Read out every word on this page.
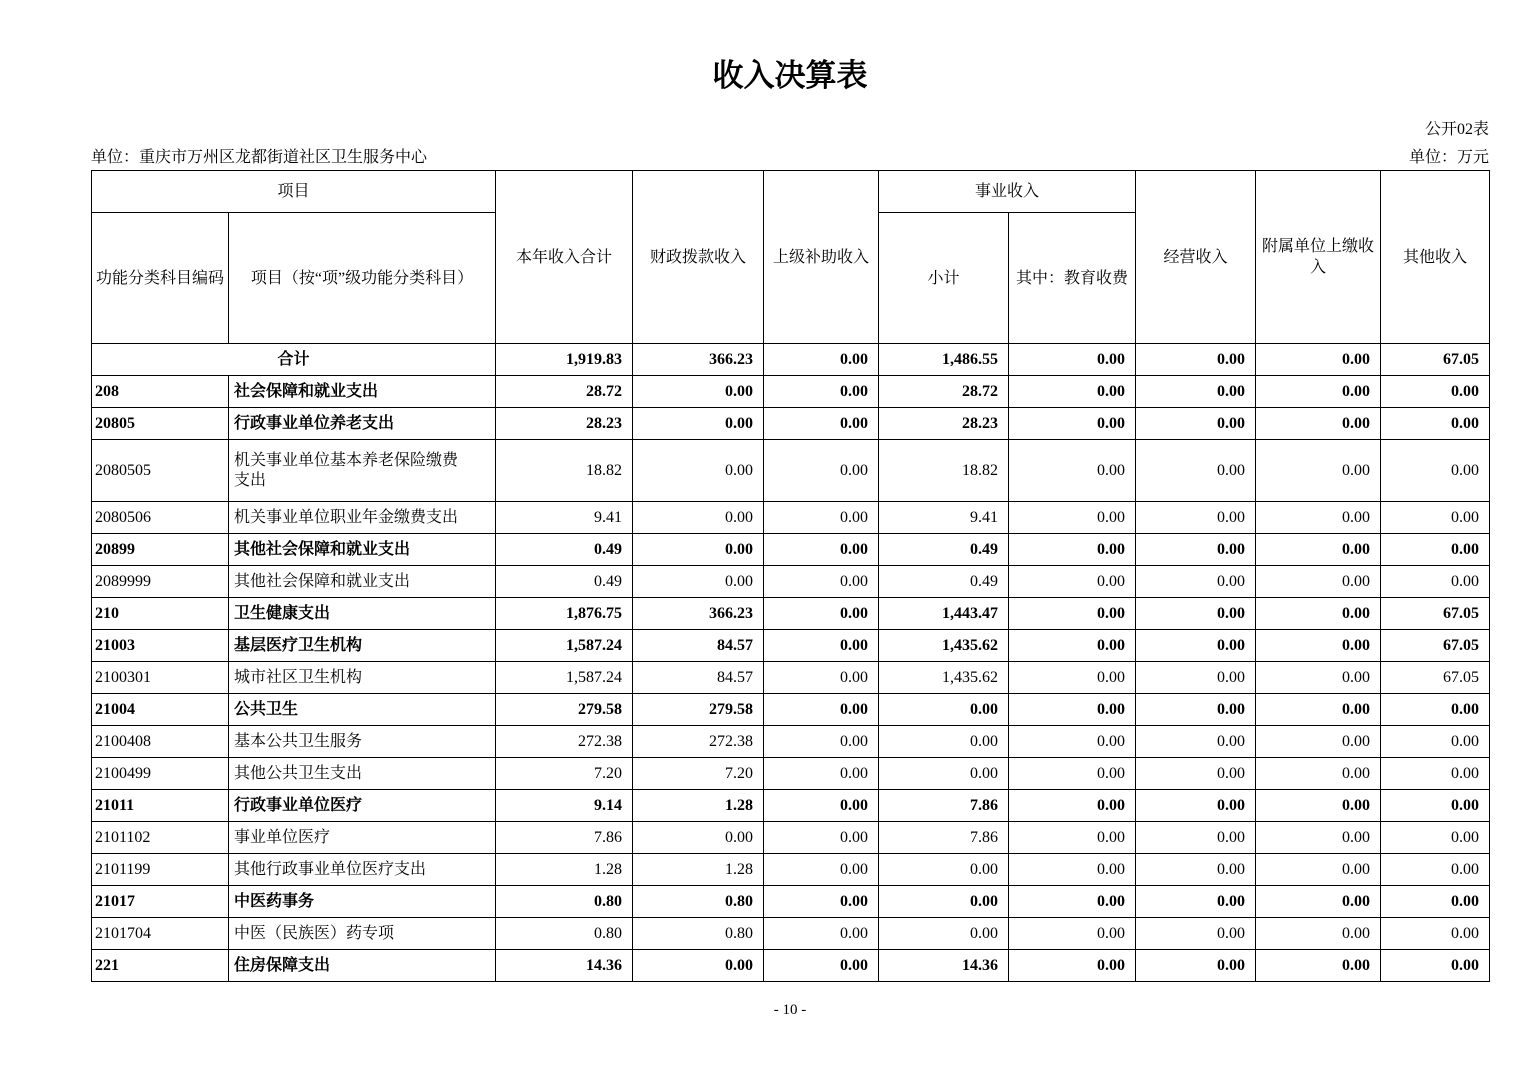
收入决算表
公开02表
单位：重庆市万州区龙都街道社区卫生服务中心	单位：万元
项目		本年收入合计	财政拨款收入	上级补助收入	事业收入		经营收入	附属单位上缴收入	其他收入
功能分类科目编码	项目（按“项”级功能分类科目）				小计	其中：教育收费			
合计		1,919.83	366.23	0.00	1,486.55	0.00	0.00	0.00	67.05
208	社会保障和就业支出	28.72	0.00	0.00	28.72	0.00	0.00	0.00	0.00
20805	行政事业单位养老支出	28.23	0.00	0.00	28.23	0.00	0.00	0.00	0.00
2080505	机关事业单位基本养老保险缴费支出	18.82	0.00	0.00	18.82	0.00	0.00	0.00	0.00
2080506	机关事业单位职业年金缴费支出	9.41	0.00	0.00	9.41	0.00	0.00	0.00	0.00
20899	其他社会保障和就业支出	0.49	0.00	0.00	0.49	0.00	0.00	0.00	0.00
2089999	其他社会保障和就业支出	0.49	0.00	0.00	0.49	0.00	0.00	0.00	0.00
210	卫生健康支出	1,876.75	366.23	0.00	1,443.47	0.00	0.00	0.00	67.05
21003	基层医疗卫生机构	1,587.24	84.57	0.00	1,435.62	0.00	0.00	0.00	67.05
2100301	城市社区卫生机构	1,587.24	84.57	0.00	1,435.62	0.00	0.00	0.00	67.05
21004	公共卫生	279.58	279.58	0.00	0.00	0.00	0.00	0.00	0.00
2100408	基本公共卫生服务	272.38	272.38	0.00	0.00	0.00	0.00	0.00	0.00
2100499	其他公共卫生支出	7.20	7.20	0.00	0.00	0.00	0.00	0.00	0.00
21011	行政事业单位医疗	9.14	1.28	0.00	7.86	0.00	0.00	0.00	0.00
2101102	事业单位医疗	7.86	0.00	0.00	7.86	0.00	0.00	0.00	0.00
2101199	其他行政事业单位医疗支出	1.28	1.28	0.00	0.00	0.00	0.00	0.00	0.00
21017	中医药事务	0.80	0.80	0.00	0.00	0.00	0.00	0.00	0.00
2101704	中医（民族医）药专项	0.80	0.80	0.00	0.00	0.00	0.00	0.00	0.00
221	住房保障支出	14.36	0.00	0.00	14.36	0.00	0.00	0.00	0.00
- 10 -
